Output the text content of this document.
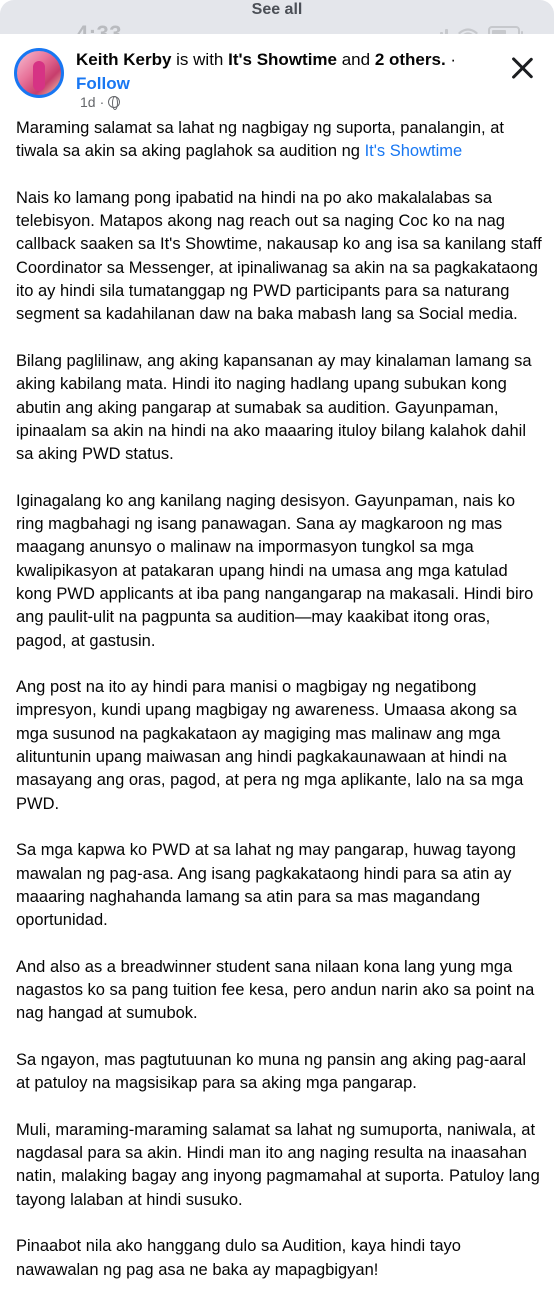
See all
Keith Kerby is with It's Showtime and 2 others. · Follow
1d ·

Maraming salamat sa lahat ng nagbigay ng suporta, panalangin, at tiwala sa akin sa aking paglahok sa audition ng It's Showtime

Nais ko lamang pong ipabatid na hindi na po ako makalalabas sa telebisyon. Matapos akong nag reach out sa naging Coc ko na nag callback saaken sa It's Showtime, nakausap ko ang isa sa kanilang staff Coordinator sa Messenger, at ipinaliwanag sa akin na sa pagkakataong ito ay hindi sila tumatanggap ng PWD participants para sa naturang segment sa kadahilanan daw na baka mabash lang sa Social media.

Bilang paglilinaw, ang aking kapansanan ay may kinalaman lamang sa aking kabilang mata. Hindi ito naging hadlang upang subukan kong abutin ang aking pangarap at sumabak sa audition. Gayunpaman, ipinaalam sa akin na hindi na ako maaaring ituloy bilang kalahok dahil sa aking PWD status.

Iginagalang ko ang kanilang naging desisyon. Gayunpaman, nais ko ring magbahagi ng isang panawagan. Sana ay magkaroon ng mas maagang anunsyo o malinaw na impormasyon tungkol sa mga kwalipikasyon at patakaran upang hindi na umasa ang mga katulad kong PWD applicants at iba pang nangangarap na makasali. Hindi biro ang paulit-ulit na pagpunta sa audition—may kaakibat itong oras, pagod, at gastusin.

Ang post na ito ay hindi para manisi o magbigay ng negatibong impresyon, kundi upang magbigay ng awareness. Umaasa akong sa mga susunod na pagkakataon ay magiging mas malinaw ang mga alituntunin upang maiwasan ang hindi pagkakaunawaan at hindi na masayang ang oras, pagod, at pera ng mga aplikante, lalo na sa mga PWD.

Sa mga kapwa ko PWD at sa lahat ng may pangarap, huwag tayong mawalan ng pag-asa. Ang isang pagkakataong hindi para sa atin ay maaaring naghahanda lamang sa atin para sa mas magandang oportunidad.

And also as a breadwinner student sana nilaan kona lang yung mga nagastos ko sa pang tuition fee kesa, pero andun narin ako sa point na nag hangad at sumubok.

Sa ngayon, mas pagtutuunan ko muna ng pansin ang aking pag-aaral at patuloy na magsisikap para sa aking mga pangarap.

Muli, maraming-maraming salamat sa lahat ng sumuporta, naniwala, at nagdasal para sa akin. Hindi man ito ang naging resulta na inaasahan natin, malaking bagay ang inyong pagmamahal at suporta. Patuloy lang tayong lalaban at hindi susuko.

Pinaabot nila ako hanggang dulo sa Audition, kaya hindi tayo nawawalan ng pag asa ne baka ay mapagbigyan!
